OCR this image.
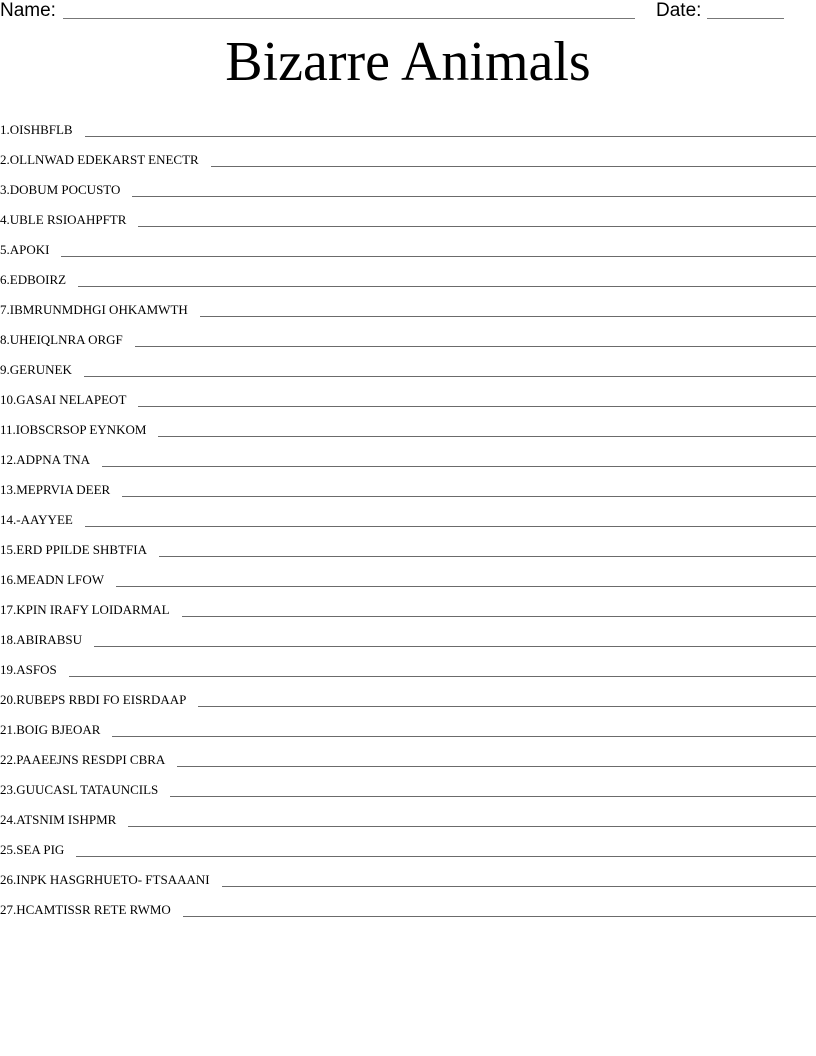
Name:	Date:
Bizarre Animals
1. OISHBFLB
2. OLLNWAD EDEKARST ENECTR
3. DOBUM POCUSTO
4. UBLE RSIOAHPFTR
5. APOKI
6. EDBOIRZ
7. IBMRUNMDHGI OHKAMWTH
8. UHEIQLNRA ORGF
9. GERUNEK
10. GASAI NELAPEOT
11. IOBSCRSOP EYNKOM
12. ADPNA TNA
13. MEPRVIA DEER
14. -AAYYEE
15. ERD PPILDE SHBTFIA
16. MEADN LFOW
17. KPIN IRAFY LOIDARMAL
18. ABIRABSU
19. ASFOS
20. RUBEPS RBDI FO EISRDAAP
21. BOIG BJEOAR
22. PAAEEJNS RESDPI CBRA
23. GUUCASL TATAUNCILS
24. ATSNIM ISHPMR
25. SEA PIG
26. INPK HASGRHUETO- FTSAAANI
27. HCAMTISSR RETE RWMO
